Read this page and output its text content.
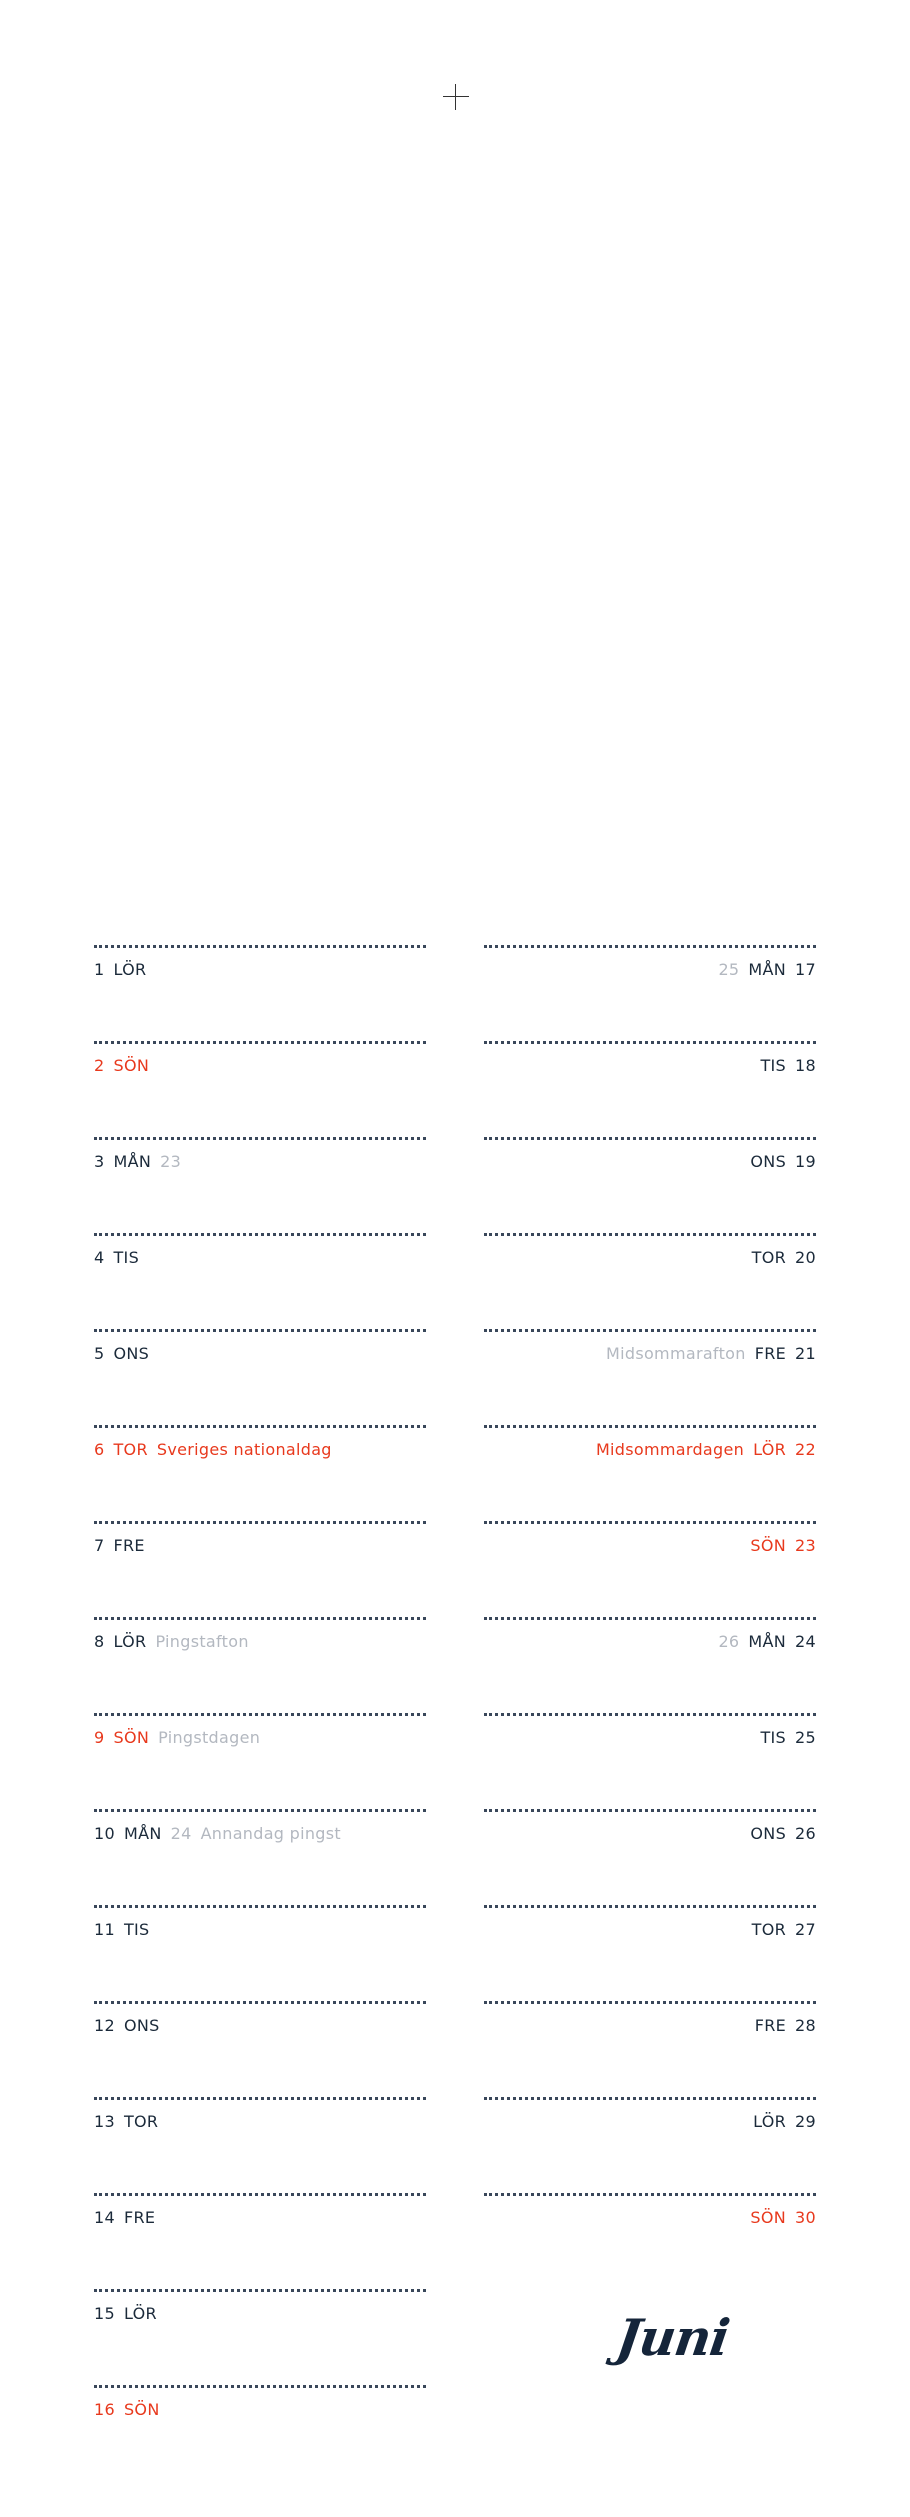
1 LÖR
2 SÖN
3 MÅN 23
4 TIS
5 ONS
6 TOR Sveriges nationaldag
7 FRE
8 LÖR Pingstafton
9 SÖN Pingstdagen
10 MÅN 24 Annandag pingst
11 TIS
12 ONS
13 TOR
14 FRE
15 LÖR
16 SÖN
25 MÅN 17
TIS 18
ONS 19
TOR 20
Midsommarafton FRE 21
Midsommardagen LÖR 22
SÖN 23
26 MÅN 24
TIS 25
ONS 26
TOR 27
FRE 28
LÖR 29
SÖN 30
Juni
